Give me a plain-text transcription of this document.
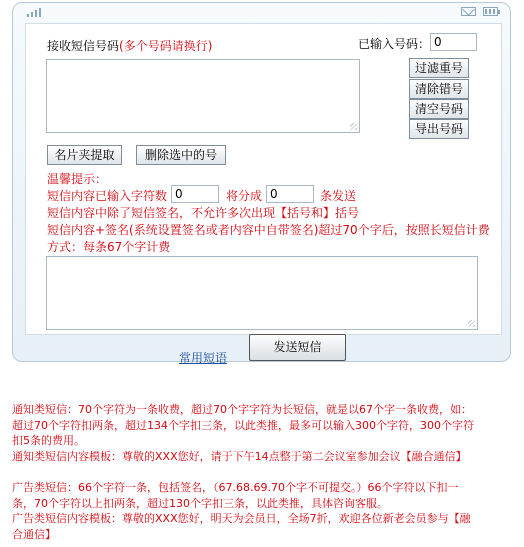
接收短信号码(多个号码请换行)	已输入号码： 0
过滤重号
清除错号
清空号码
导出号码
名片夹提取	删除选中的号
温馨提示：
短信内容已输入字符数 0	将分成 0	条发送
短信内容中除了短信签名，不允许多次出现【括号和】括号
短信内容+签名(系统设置签名或者内容中自带签名)超过70个字后，按照长短信计费
方式：每条67个字计费
发送短信
常用短语

通知类短信：70个字符为一条收费，超过70个字字符为长短信，就是以67个字一条收费，如：

超过70个字符扣两条，超过134个字扣三条，以此类推，最多可以输入300个字符，300个字符

扣5条的费用。

通知类短信内容模板：尊敬的XXX您好，请于下午14点整于第二会议室参加会议【融合通信】

广告类短信：66个字符一条，包括签名，（67.68.69.70个字不可提交。）66个字符以下扣一

条，70个字符以上扣两条，超过130个字扣三条，以此类推，具体咨询客服。

广告类短信内容模板：尊敬的XXX您好，明天为会员日，全场7折，欢迎各位新老会员参与【融

合通信】
